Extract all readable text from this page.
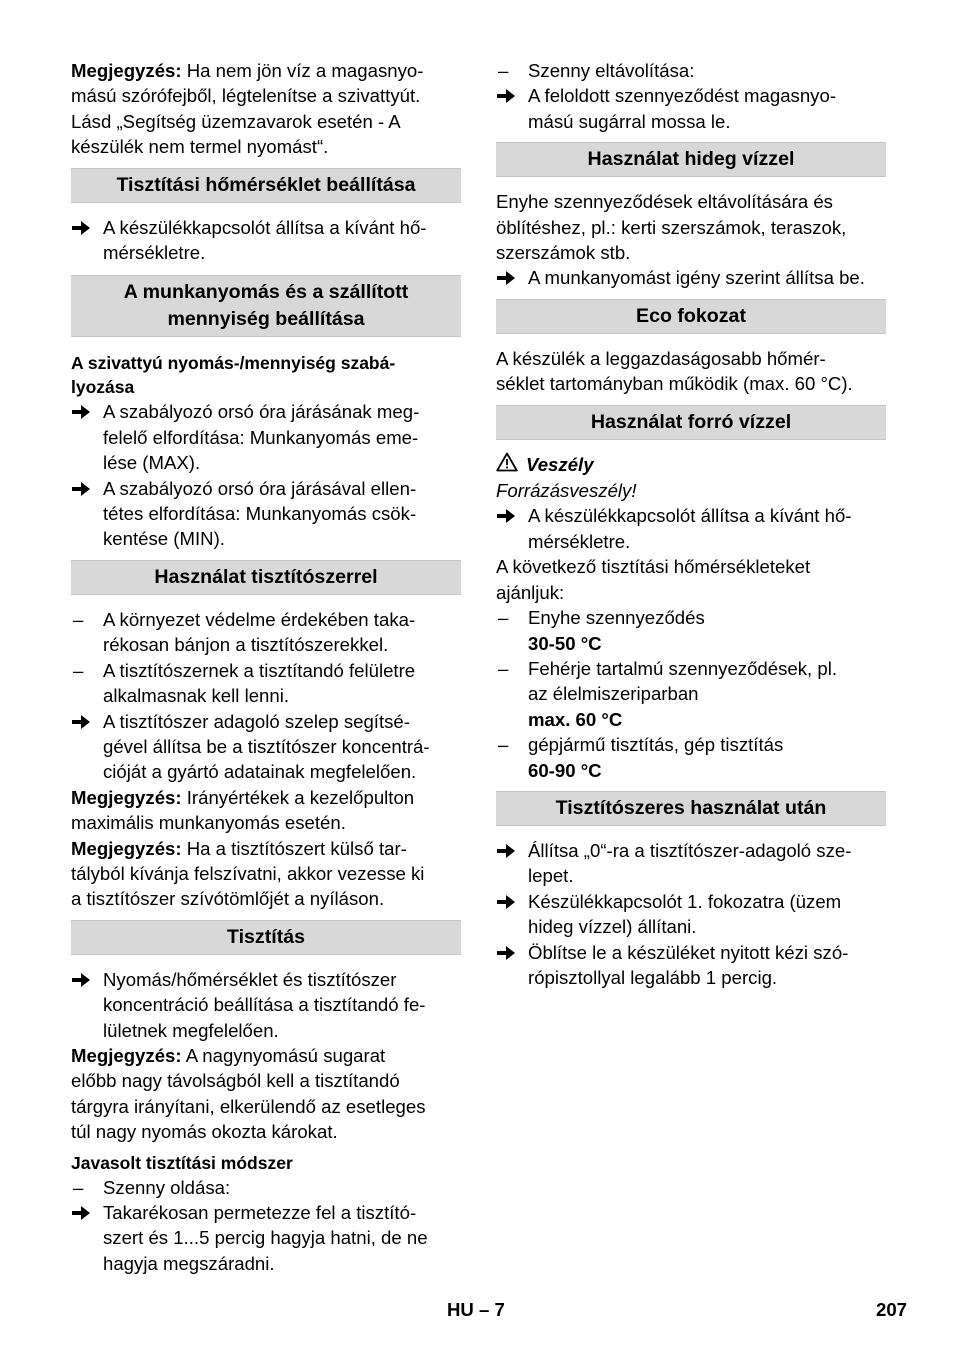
Megjegyzés: Ha nem jön víz a magasnyo-
mású szórófejből, légtelenítse a szivattyút.
Lásd „Segítség üzemzavarok esetén - A
készülék nem termel nyomást“.

Tisztítási hőmérséklet beállítása
A készülékkapcsolót állítsa a kívánt hő-
mérsékletre.
A munkanyomás és a szállított
mennyiség beállítása

A szivattyú nyomás-/mennyiség szabá-
lyozása

A szabályozó orsó óra járásának meg-
felelő elfordítása: Munkanyomás eme-
lése (MAX).
A szabályozó orsó óra járásával ellen-
tétes elfordítása: Munkanyomás csök-
kentése (MIN).
Használat tisztítószerrel
–	A környezet védelme érdekében taka-
rékosan bánjon a tisztítószerekkel.
–	A tisztítószernek a tisztítandó felületre
alkalmasnak kell lenni.
A tisztítószer adagoló szelep segítsé-
gével állítsa be a tisztítószer koncentrá-
cióját a gyártó adatainak megfelelően.

Megjegyzés: Irányértékek a kezelőpulton
maximális munkanyomás esetén.

Megjegyzés: Ha a tisztítószert külső tar-
tályból kívánja felszívatni, akkor vezesse ki
a tisztítószer szívótömlőjét a nyíláson.

Tisztítás
Nyomás/hőmérséklet és tisztítószer
koncentráció beállítása a tisztítandó fe-
lületnek megfelelően.

Megjegyzés: A nagynyomású sugarat
előbb nagy távolságból kell a tisztítandó
tárgyra irányítani, elkerülendő az esetleges
túl nagy nyomás okozta károkat.

Javasolt tisztítási módszer

–	Szenny oldása:
Takarékosan permetezze fel a tisztító-
szert és 1...5 percig hagyja hatni, de ne
hagyja megszáradni.
–	Szenny eltávolítása:
A feloldott szennyeződést magasnyo-
mású sugárral mossa le.
Használat hideg vízzel

Enyhe szennyeződések eltávolítására és
öblítéshez, pl.: kerti szerszámok, teraszok,
szerszámok stb.

A munkanyomást igény szerint állítsa be.
Eco fokozat

A készülék a leggazdaságosabb hőmér-
séklet tartományban működik (max. 60 °C).

Használat forró vízzel
Veszély

Forrázásveszély!

A készülékkapcsolót állítsa a kívánt hő-
mérsékletre.

A következő tisztítási hőmérsékleteket
ajánljuk:

–	Enyhe szennyeződés

30-50 °C

–	Fehérje tartalmú szennyeződések, pl.
az élelmiszeriparban

max. 60 °C

–	gépjármű tisztítás, gép tisztítás

60-90 °C

Tisztítószeres használat után
Állítsa „0“-ra a tisztítószer-adagoló sze-
lepet.
Készülékkapcsolót 1. fokozatra (üzem
hideg vízzel) állítani.
Öblítse le a készüléket nyitott kézi szó-
rópisztollyal legalább 1 percig.
HU – 7	207
